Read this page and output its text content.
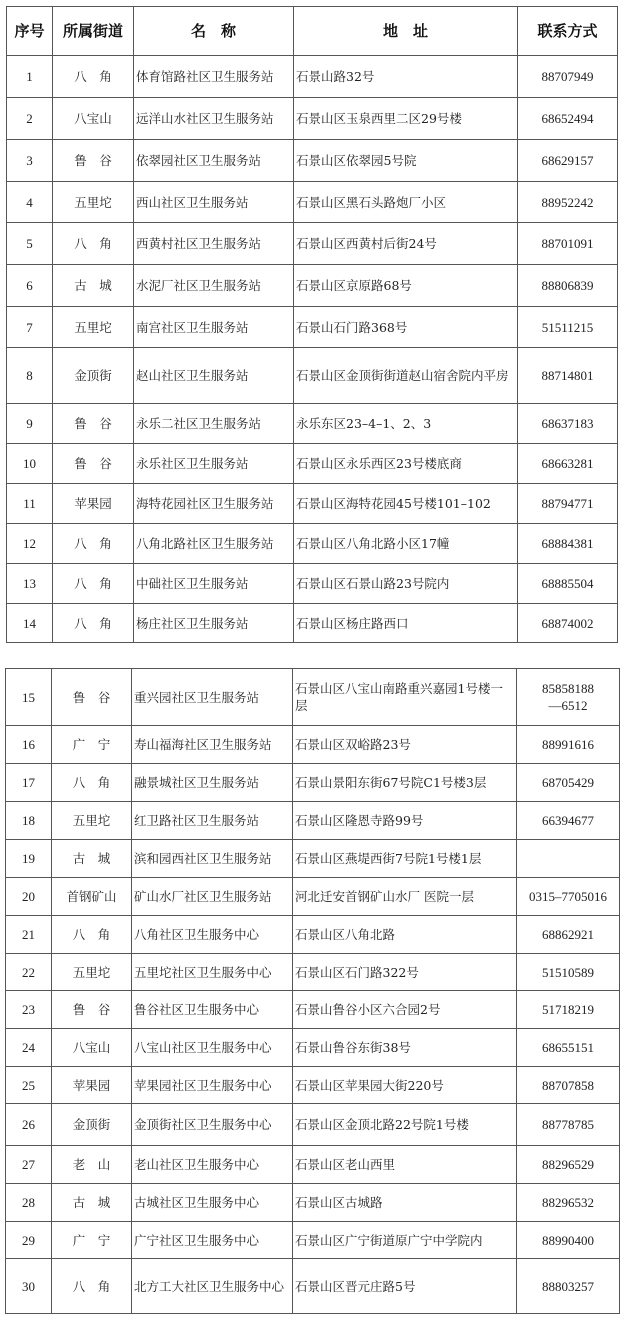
序号	所属街道	名　称	地　址	联系方式
1	八　角	体育馆路社区卫生服务站	石景山路32号	88707949
2	八宝山	远洋山水社区卫生服务站	石景山区玉泉西里二区29号楼	68652494
3	鲁　谷	依翠园社区卫生服务站	石景山区依翠园5号院	68629157
4	五里坨	西山社区卫生服务站	石景山区黑石头路炮厂小区	88952242
5	八　角	西黄村社区卫生服务站	石景山区西黄村后街24号	88701091
6	古　城	水泥厂社区卫生服务站	石景山区京原路68号	88806839
7	五里坨	南宫社区卫生服务站	石景山石门路368号	51511215
8	金顶街	赵山社区卫生服务站	石景山区金顶街街道赵山宿舍院内平房	88714801
9	鲁　谷	永乐二社区卫生服务站	永乐东区23–4–1、2、3	68637183
10	鲁　谷	永乐社区卫生服务站	石景山区永乐西区23号楼底商	68663281
11	苹果园	海特花园社区卫生服务站	石景山区海特花园45号楼101–102	88794771
12	八　角	八角北路社区卫生服务站	石景山区八角北路小区17幢	68884381
13	八　角	中础社区卫生服务站	石景山区石景山路23号院内	68885504
14	八　角	杨庄社区卫生服务站	石景山区杨庄路西口	68874002
15	鲁　谷	重兴园社区卫生服务站	石景山区八宝山南路重兴嘉园1号楼一层	85858188
––6512
16	广　宁	寿山福海社区卫生服务站	石景山区双峪路23号	88991616
17	八　角	融景城社区卫生服务站	石景山景阳东街67号院C1号楼3层	68705429
18	五里坨	红卫路社区卫生服务站	石景山区隆恩寺路99号	66394677
19	古　城	滨和园西社区卫生服务站	石景山区燕堤西街7号院1号楼1层	
20	首钢矿山	矿山水厂社区卫生服务站	河北迁安首钢矿山水厂 医院一层	0315–7705016
21	八　角	八角社区卫生服务中心	石景山区八角北路	68862921
22	五里坨	五里坨社区卫生服务中心	石景山区石门路322号	51510589
23	鲁　谷	鲁谷社区卫生服务中心	石景山鲁谷小区六合园2号	51718219
24	八宝山	八宝山社区卫生服务中心	石景山鲁谷东街38号	68655151
25	苹果园	苹果园社区卫生服务中心	石景山区苹果园大街220号	88707858
26	金顶街	金顶街社区卫生服务中心	石景山区金顶北路22号院1号楼	88778785
27	老　山	老山社区卫生服务中心	石景山区老山西里	88296529
28	古　城	古城社区卫生服务中心	石景山区古城路	88296532
29	广　宁	广宁社区卫生服务中心	石景山区广宁街道原广宁中学院内	88990400
30	八　角	北方工大社区卫生服务中心	石景山区晋元庄路5号	88803257
